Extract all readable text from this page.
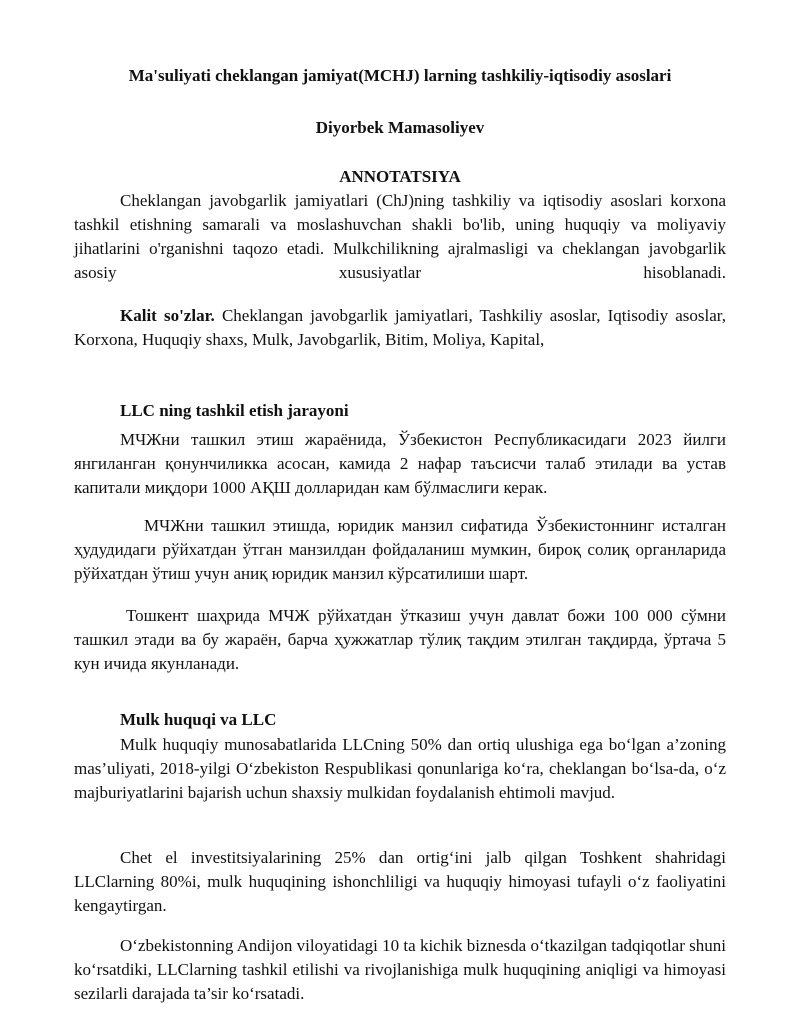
Ma'suliyati cheklangan jamiyat(MCHJ) larning tashkiliy-iqtisodiy asoslari
Diyorbek Mamasoliyev
ANNOTATSIYA

Cheklangan javobgarlik jamiyatlari (ChJ)ning tashkiliy va iqtisodiy asoslari korxona tashkil etishning samarali va moslashuvchan shakli bo'lib, uning huquqiy va moliyaviy jihatlarini o'rganishni taqozo etadi. Mulkchilikning ajralmasligi va cheklangan javobgarlik asosiy xususiyatlar hisoblanadi.

Kalit so'zlar. Cheklangan javobgarlik jamiyatlari, Tashkiliy asoslar, Iqtisodiy asoslar, Korxona, Huquqiy shaxs, Mulk, Javobgarlik, Bitim, Moliya, Kapital,

LLC ning tashkil etish jarayoni

МЧЖни ташкил этиш жараёнида, Ўзбекистон Республикасидаги 2023 йилги янгиланган қонунчиликка асосан, камида 2 нафар таъсисчи талаб этилади ва устав капитали миқдори 1000 АҚШ долларидан кам бўлмаслиги керак.

МЧЖни ташкил этишда, юридик манзил сифатида Ўзбекистоннинг исталган ҳудудидаги рўйхатдан ўтган манзилдан фойдаланиш мумкин, бироқ солиқ органларида рўйхатдан ўтиш учун аниқ юридик манзил кўрсатилиши шарт.

Тошкент шаҳрида МЧЖ рўйхатдан ўтказиш учун давлат божи 100 000 сўмни ташкил этади ва бу жараён, барча ҳужжатлар тўлиқ тақдим этилган тақдирда, ўртача 5 кун ичида якунланади.

Mulk huquqi va LLC

Mulk huquqiy munosabatlarida LLCning 50% dan ortiq ulushiga ega bo‘lgan a’zoning mas’uliyati, 2018-yilgi O‘zbekiston Respublikasi qonunlariga ko‘ra, cheklangan bo‘lsa-da, o‘z majburiyatlarini bajarish uchun shaxsiy mulkidan foydalanish ehtimoli mavjud.

Chet el investitsiyalarining 25% dan ortig‘ini jalb qilgan Toshkent shahridagi LLClarning 80%i, mulk huquqining ishonchliligi va huquqiy himoyasi tufayli o‘z faoliyatini kengaytirgan.

O‘zbekistonning Andijon viloyatidagi 10 ta kichik biznesda o‘tkazilgan tadqiqotlar shuni ko‘rsatdiki, LLClarning tashkil etilishi va rivojlanishiga mulk huquqining aniqligi va himoyasi sezilarli darajada ta’sir ko‘rsatadi.
